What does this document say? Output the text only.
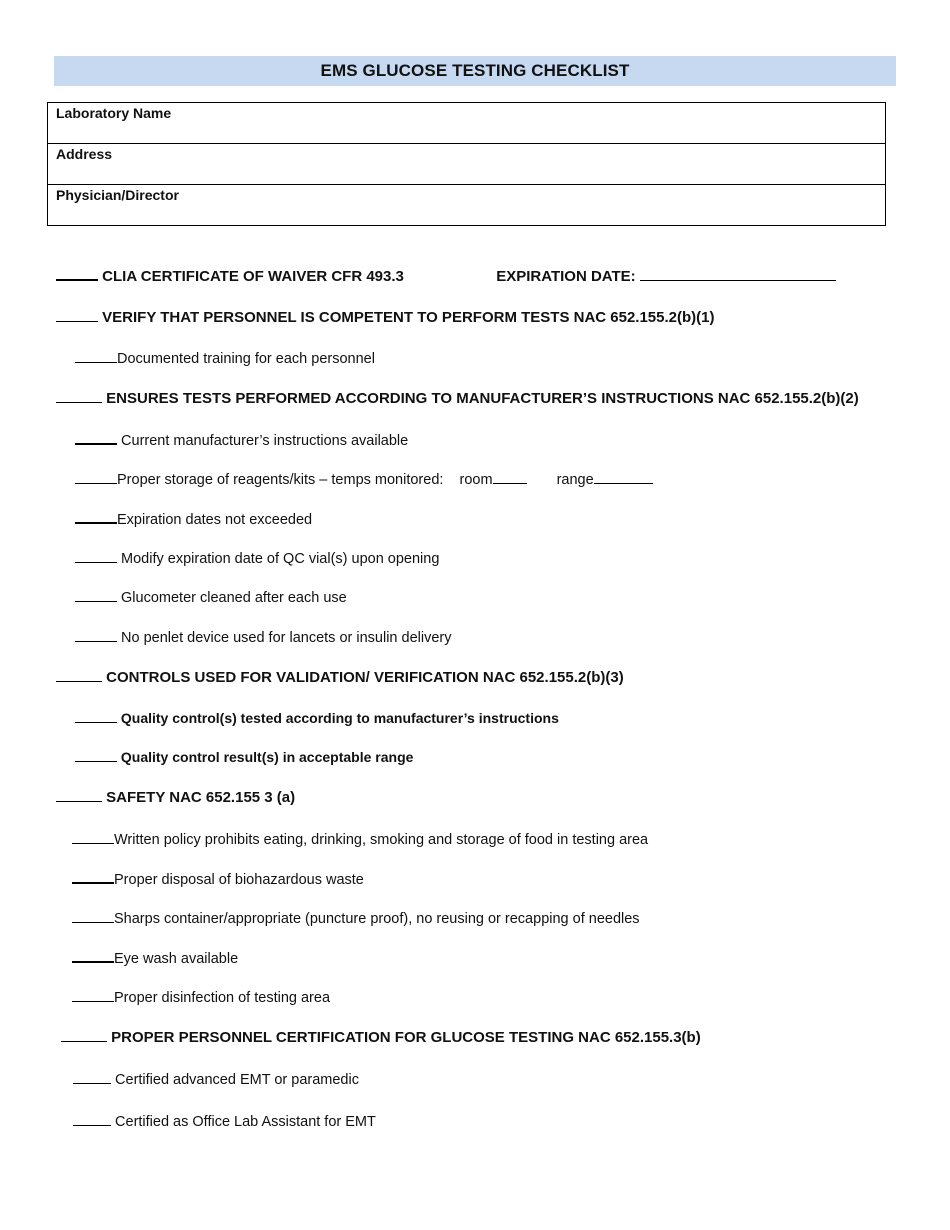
EMS GLUCOSE TESTING CHECKLIST
Laboratory Name
Address
Physician/Director
CLIA CERTIFICATE OF WAIVER CFR 493.3	EXPIRATION DATE:
VERIFY THAT PERSONNEL IS COMPETENT TO PERFORM TESTS NAC 652.155.2(b)(1)
Documented training for each personnel
ENSURES TESTS PERFORMED ACCORDING TO MANUFACTURER’S INSTRUCTIONS NAC 652.155.2(b)(2)
Current manufacturer’s instructions available
Proper storage of reagents/kits – temps monitored: room	range
Expiration dates not exceeded
Modify expiration date of QC vial(s) upon opening
Glucometer cleaned after each use
No penlet device used for lancets or insulin delivery
CONTROLS USED FOR VALIDATION/ VERIFICATION NAC 652.155.2(b)(3)
Quality control(s) tested according to manufacturer’s instructions
Quality control result(s) in acceptable range
SAFETY NAC 652.155 3 (a)
Written policy prohibits eating, drinking, smoking and storage of food in testing area
Proper disposal of biohazardous waste
Sharps container/appropriate (puncture proof), no reusing or recapping of needles
Eye wash available
Proper disinfection of testing area
PROPER PERSONNEL CERTIFICATION FOR GLUCOSE TESTING NAC 652.155.3(b)
Certified advanced EMT or paramedic
Certified as Office Lab Assistant for EMT
